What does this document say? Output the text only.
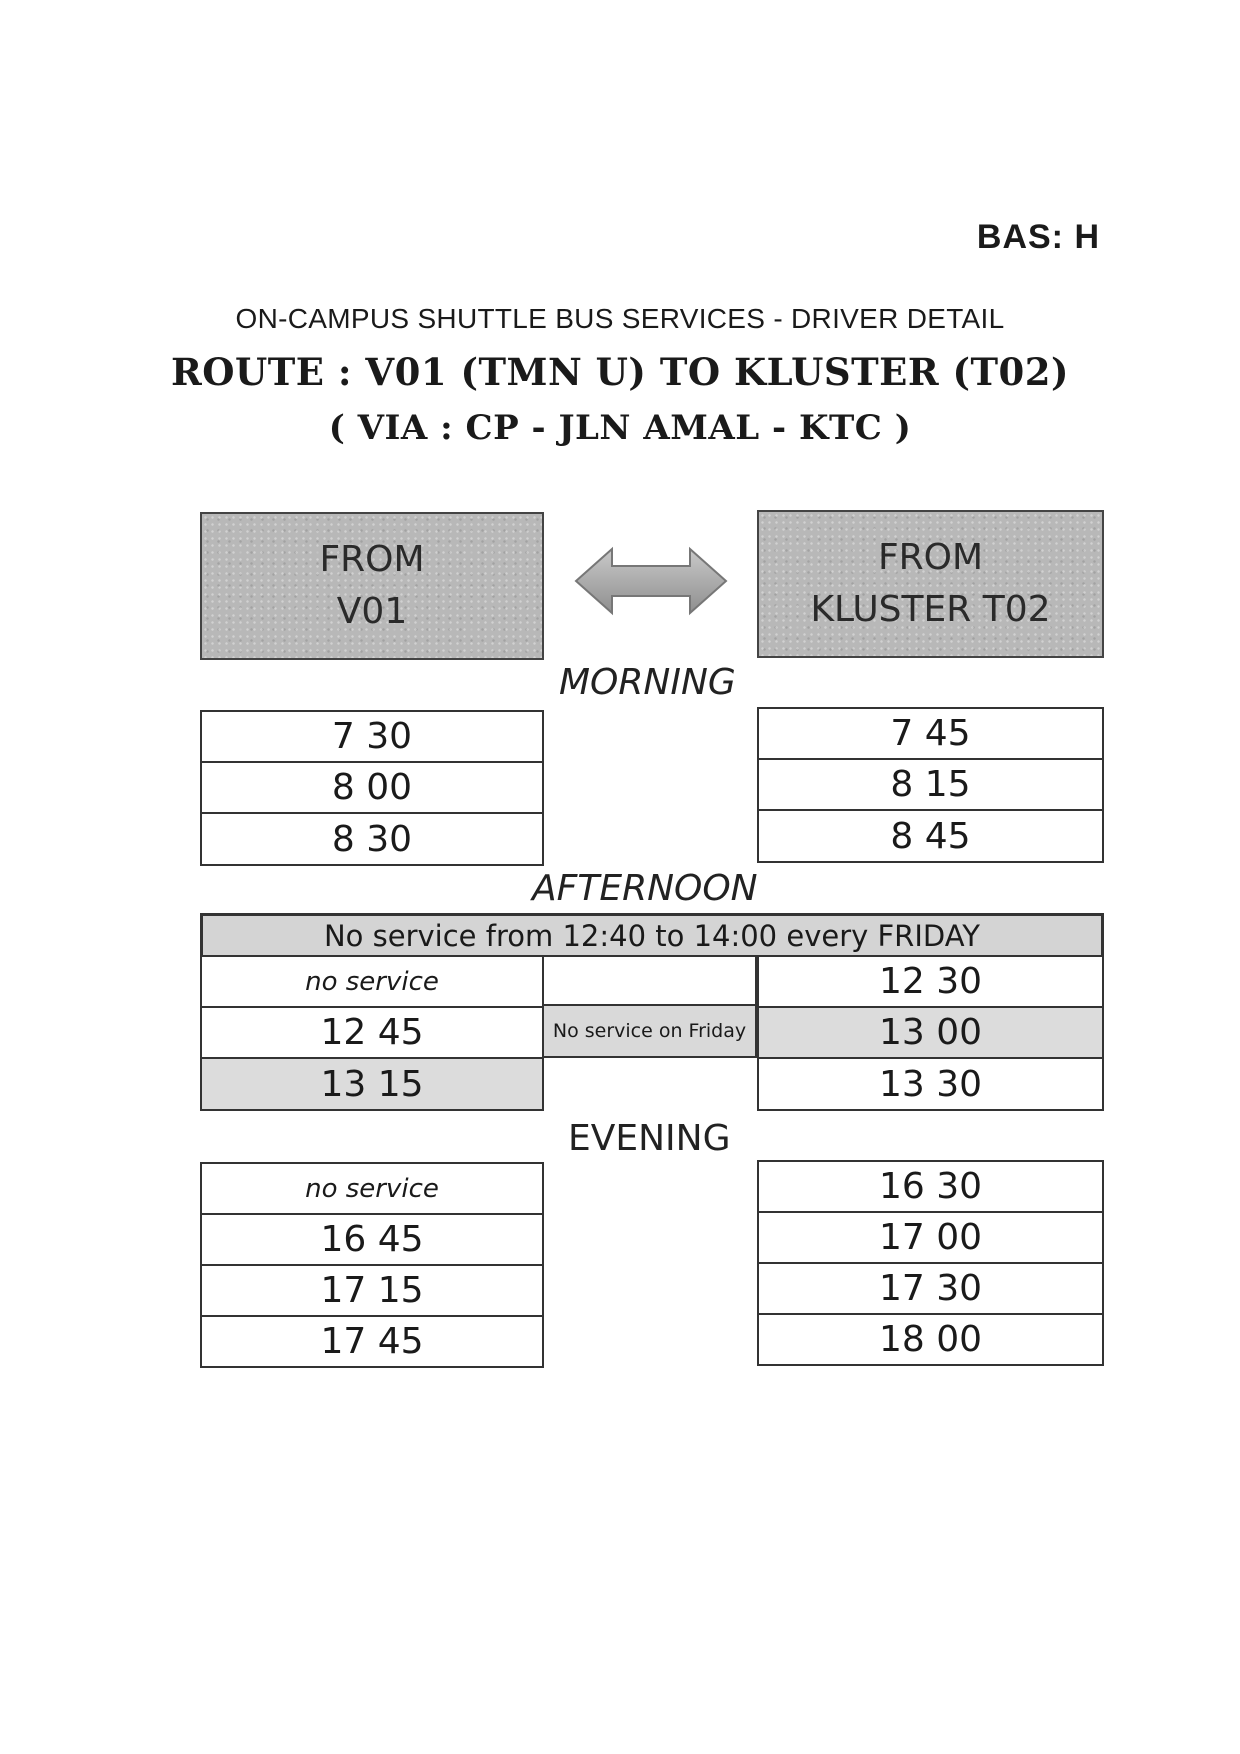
BAS: H
ON-CAMPUS SHUTTLE BUS SERVICES - DRIVER DETAIL
ROUTE : V01 (TMN U) TO KLUSTER (T02)
( VIA : CP - JLN AMAL - KTC )
FROM
V01
FROM
KLUSTER T02
MORNING
7 30
8 00
8 30
7 45
8 15
8 45
AFTERNOON
No service from 12:40 to 14:00 every FRIDAY
no service
12 45
13 15
No service on Friday
12 30
13 00
13 30
EVENING
no service
16 45
17 15
17 45
16 30
17 00
17 30
18 00
